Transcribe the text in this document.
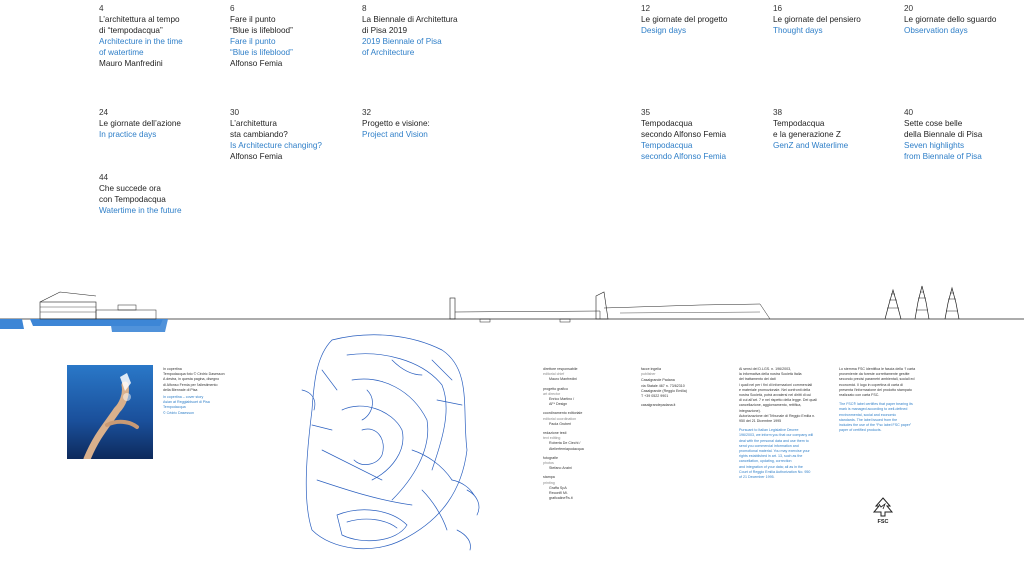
4
L’architettura al tempo
di “tempodacqua”
Architecture in the time
of watertime
Mauro Manfredini
6
Fare il punto
“Blue is lifeblood”
Fare il punto
“Blue is lifeblood”
Alfonso Femia
8
La Biennale di Architettura
di Pisa 2019
2019 Biennale of Pisa
of Architecture
12
Le giornate del progetto
Design days
16
Le giornate del pensiero
Thought days
20
Le giornate dello sguardo
Observation days
24
Le giornate dell’azione
In practice days
30
L’architettura
sta cambiando?
Is Architecture changing?
Alfonso Femia
32
Progetto e visione:
Project and Vision
35
Tempodacqua
secondo Alfonso Femia
Tempodacqua
secondo Alfonso Femia
38
Tempodacqua
e la generazione Z
GenZ and Waterlime
40
Sette cose belle
della Biennale di Pisa
Seven highlights
from Biennale of Pisa
44
Che succede ora
con Tempodacqua
Watertime in the future
In copertina
Tempodacqua foto © Cédric Dasesson
A destra, in questa pagina, disegno
di Alfonso Femia per l’allestimento
della Biennale di Pisa
In copertina – cover story
Asian at Reggiablsuet di Pisa
Tempodacqua
© Cédric Dasesson
direttore responsabile
editorial chief
Mauro Manfredini
progetto grafico
art director
Enrico Martino /
AF* Design
coordinamento editoriale
editorial coordination
Paola Gruberi
redazione testi
text editing
Roberta De Ciechi /
Atelierfemiapodacqua
fotografie
photos
Stefano Anzini
stampa
printing
Graffa SpA
Reconfil Mi.
graficaline®s.it
facce ingelia
publisher
Casalgrande Padana
via Statale 467 n. 73/62310
Casalgrande (Reggio Emilia)
T +39 0522 9901
casalgrandepadana.it
Ai sensi del D.LGS. n. 196/2003,
la informativa della nostra Società Italia
del trattamento dei dati
i quali nel per i fini di informazioni commerciali
e materiale promozionale. Nei confronti della
nostra Società, potrà avvalersi nel diritti di cui
di cui all’art. 7 e nel rispetto della legge. Dei quali
cancellazione, aggiornamento, rettifica,
integrazione).
Autorizzazione del Tribunale di Reggio Emilia n.
950 del 21 Dicembre 1995
Pursuant to Italian Legislative Decree
196/2003, we inform you that our company will
deal with the personal data and use them to
send you commercial information and
promotional material. You may exercise your
rights established in art. 13, such as the
cancellation, updating, correction
and integration of your data; all as in the
Court of Reggio Emilia Authorization No. 950
of 21 December 1995.
Lo stemma FSC identifica le fascia della ‘l’ carta
proveniente da foreste correttamente gestite
secondo precisi parametri ambientali, sociali ed
economici. Il logo in copertina di carta di
presenta l’informazione del prodotto stampato
realizzato con carta FSC.
The FSC® label certifies that paper bearing its
mark is managed according to well-defined
environmental, social and economic
standards. The label issued from the
includes the use of the “Fsc label FSC paper”
paper of certified products.
FSC
